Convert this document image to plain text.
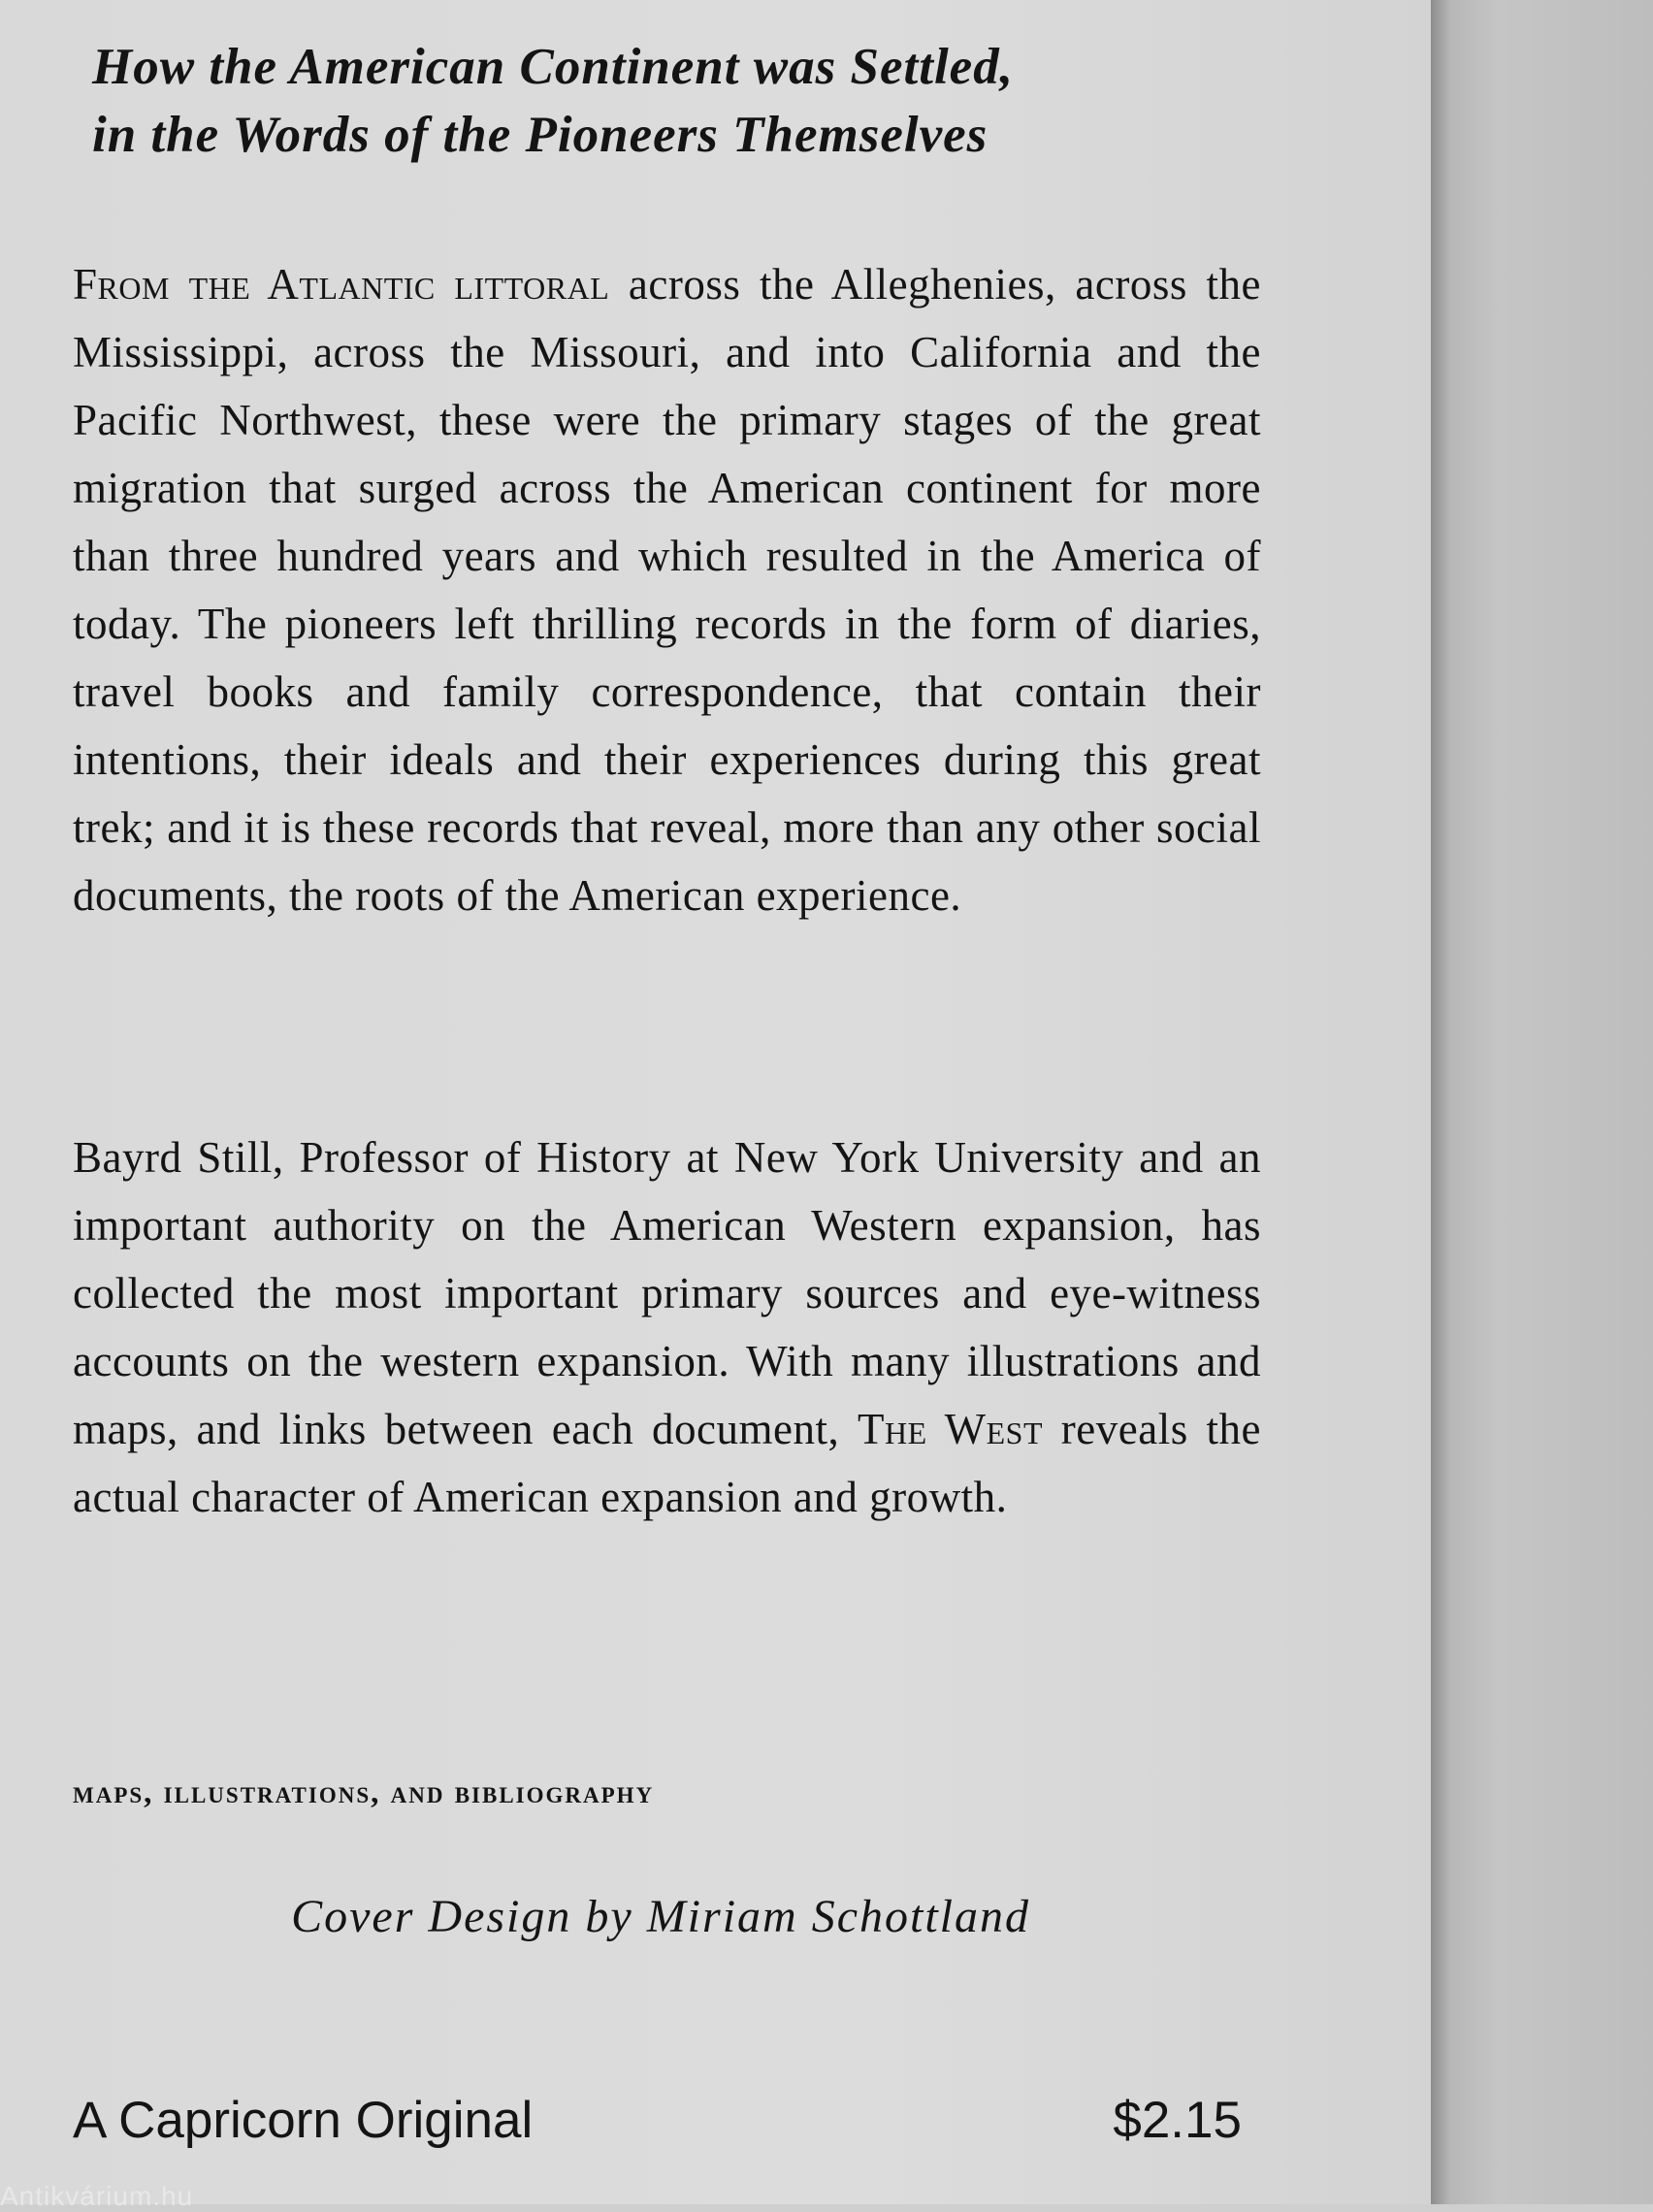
How the American Continent was Settled,
in the Words of the Pioneers Themselves

From the Atlantic littoral across the Alleghenies, across the Mississippi, across the Missouri, and into California and the Pacific Northwest, these were the primary stages of the great migration that surged across the American continent for more than three hundred years and which resulted in the America of today. The pioneers left thrilling records in the form of diaries, travel books and family correspondence, that contain their intentions, their ideals and their experiences during this great trek; and it is these records that reveal, more than any other social documents, the roots of the American experience.

Bayrd Still, Professor of History at New York University and an important authority on the American Western expansion, has collected the most important primary sources and eye-witness accounts on the western expansion. With many illustrations and maps, and links between each document, The West reveals the actual character of American expansion and growth.

maps, illustrations, and bibliography

Cover Design by Miriam Schottland

A Capricorn Original	$2.15
Antikvárium.hu
